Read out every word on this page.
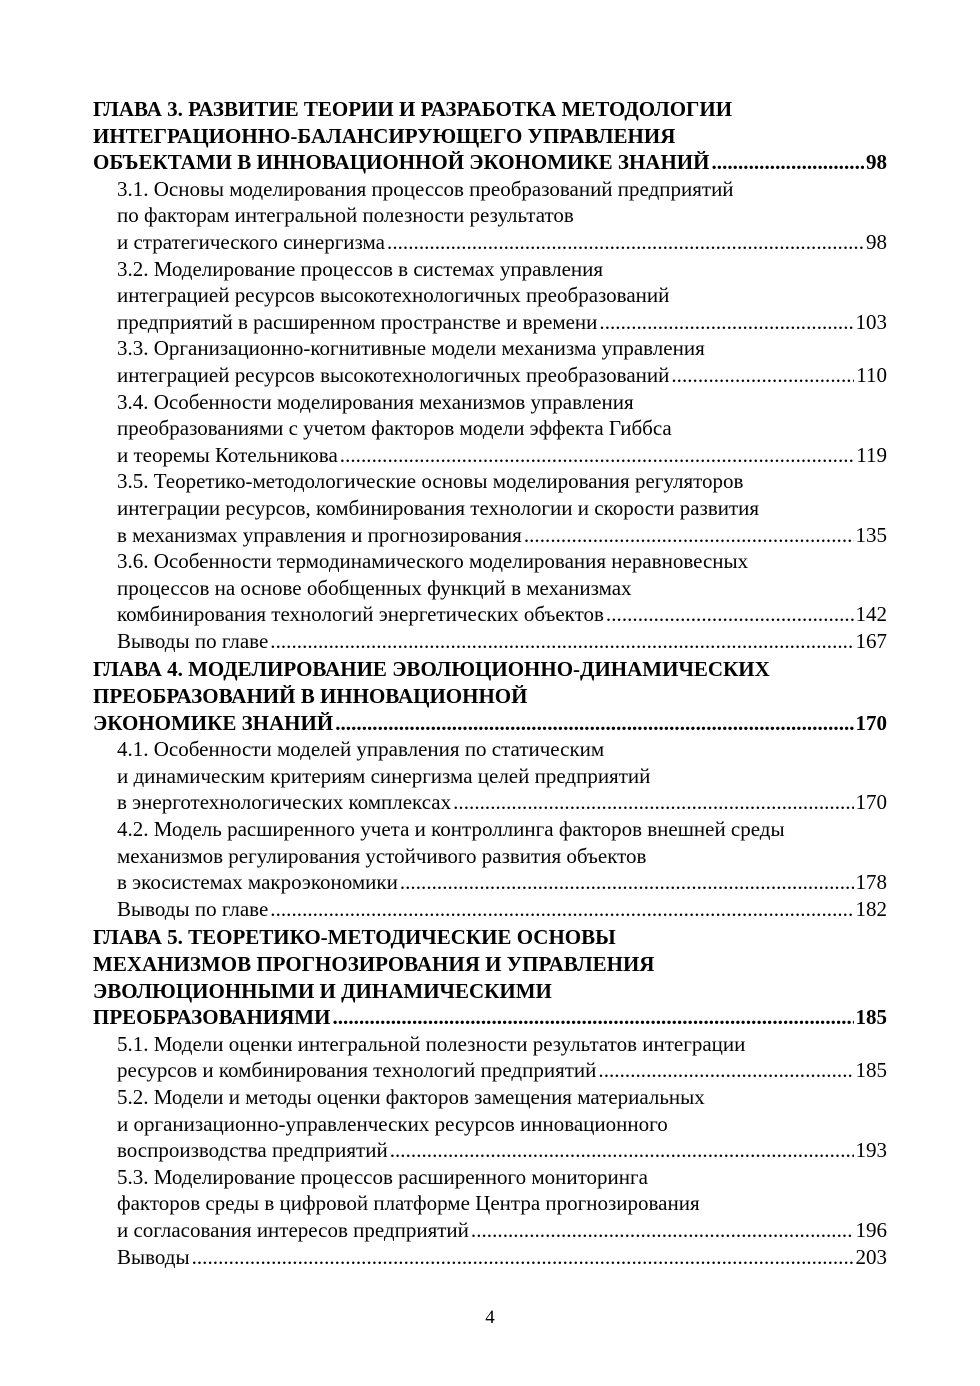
ГЛАВА 3. РАЗВИТИЕ ТЕОРИИ И РАЗРАБОТКА МЕТОДОЛОГИИ
ИНТЕГРАЦИОННО-БАЛАНСИРУЮЩЕГО УПРАВЛЕНИЯ
ОБЪЕКТАМИ В ИННОВАЦИОННОЙ ЭКОНОМИКЕ ЗНАНИЙ . . .	98
3.1. Основы моделирования процессов преобразований предприятий
по факторам интегральной полезности результатов
и стратегического синергизма . . .	98
3.2. Моделирование процессов в системах управления
интеграцией ресурсов высокотехнологичных преобразований
предприятий в расширенном пространстве и времени . . .	103
3.3. Организационно-когнитивные модели механизма управления
интеграцией ресурсов высокотехнологичных преобразований . . .	110
3.4. Особенности моделирования механизмов управления
преобразованиями с учетом факторов модели эффекта Гиббса
и теоремы Котельникова . . .	119
3.5. Теоретико-методологические основы моделирования регуляторов
интеграции ресурсов, комбинирования технологии и скорости развития
в механизмах управления и прогнозирования . . .	135
3.6. Особенности термодинамического моделирования неравновесных
процессов на основе обобщенных функций в механизмах
комбинирования технологий энергетических объектов . . .	142
Выводы по главе . . .	167
ГЛАВА 4. МОДЕЛИРОВАНИЕ ЭВОЛЮЦИОННО-ДИНАМИЧЕСКИХ
ПРЕОБРАЗОВАНИЙ В ИННОВАЦИОННОЙ
ЭКОНОМИКЕ ЗНАНИЙ . . .	170
4.1. Особенности моделей управления по статическим
и динамическим критериям синергизма целей предприятий
в энерготехнологических комплексах . . .	170
4.2. Модель расширенного учета и контроллинга факторов внешней среды
механизмов регулирования устойчивого развития объектов
в экосистемах макроэкономики . . .	178
Выводы по главе . . .	182
ГЛАВА 5. ТЕОРЕТИКО-МЕТОДИЧЕСКИЕ ОСНОВЫ
МЕХАНИЗМОВ ПРОГНОЗИРОВАНИЯ И УПРАВЛЕНИЯ
ЭВОЛЮЦИОННЫМИ И ДИНАМИЧЕСКИМИ
ПРЕОБРАЗОВАНИЯМИ . . .	185
5.1. Модели оценки интегральной полезности результатов интеграции
ресурсов и комбинирования технологий предприятий . . .	185
5.2. Модели и методы оценки факторов замещения материальных
и организационно-управленческих ресурсов инновационного
воспроизводства предприятий . . .	193
5.3. Моделирование процессов расширенного мониторинга
факторов среды в цифровой платформе Центра прогнозирования
и согласования интересов предприятий . . .	196
Выводы . . .	203
4
